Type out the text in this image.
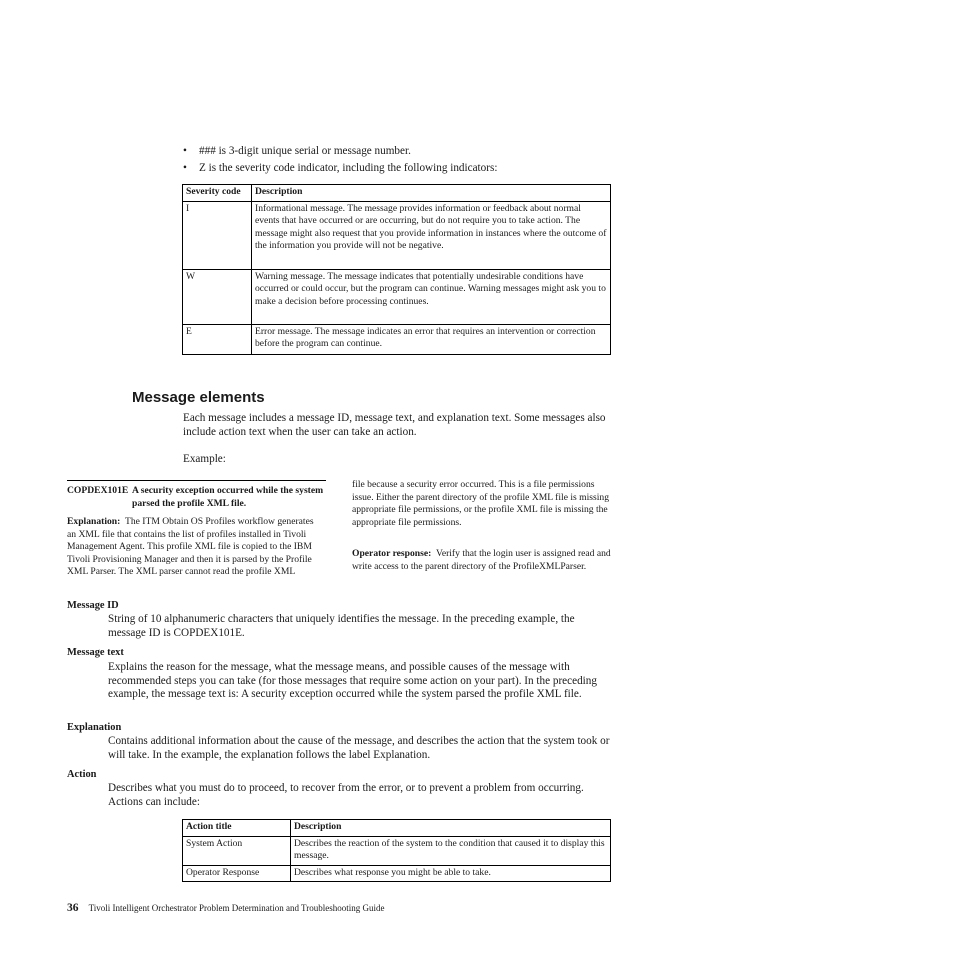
• ### is 3-digit unique serial or message number.
• Z is the severity code indicator, including the following indicators:
Severity code	Description
I	Informational message. The message provides information or feedback about normal events that have occurred or are occurring, but do not require you to take action. The message might also request that you provide information in instances where the outcome of the information you provide will not be negative.
W	Warning message. The message indicates that potentially undesirable conditions have occurred or could occur, but the program can continue. Warning messages might ask you to make a decision before processing continues.
E	Error message. The message indicates an error that requires an intervention or correction before the program can continue.
Message elements
Each message includes a message ID, message text, and explanation text. Some messages also include action text when the user can take an action.
Example:
COPDEX101E A security exception occurred while the system parsed the profile XML file.
Explanation: The ITM Obtain OS Profiles workflow generates an XML file that contains the list of profiles installed in Tivoli Management Agent. This profile XML file is copied to the IBM Tivoli Provisioning Manager and then it is parsed by the Profile XML Parser. The XML parser cannot read the profile XML
file because a security error occurred. This is a file permissions issue. Either the parent directory of the profile XML file is missing appropriate file permissions, or the profile XML file is missing the appropriate file permissions.
Operator response: Verify that the login user is assigned read and write access to the parent directory of the ProfileXMLParser.
Message ID
String of 10 alphanumeric characters that uniquely identifies the message. In the preceding example, the message ID is COPDEX101E.
Message text
Explains the reason for the message, what the message means, and possible causes of the message with recommended steps you can take (for those messages that require some action on your part). In the preceding example, the message text is: A security exception occurred while the system parsed the profile XML file.
Explanation
Contains additional information about the cause of the message, and describes the action that the system took or will take. In the example, the explanation follows the label Explanation.
Action
Describes what you must do to proceed, to recover from the error, or to prevent a problem from occurring. Actions can include:
Action title	Description
System Action	Describes the reaction of the system to the condition that caused it to display this message.
Operator Response	Describes what response you might be able to take.
36 Tivoli Intelligent Orchestrator Problem Determination and Troubleshooting Guide
